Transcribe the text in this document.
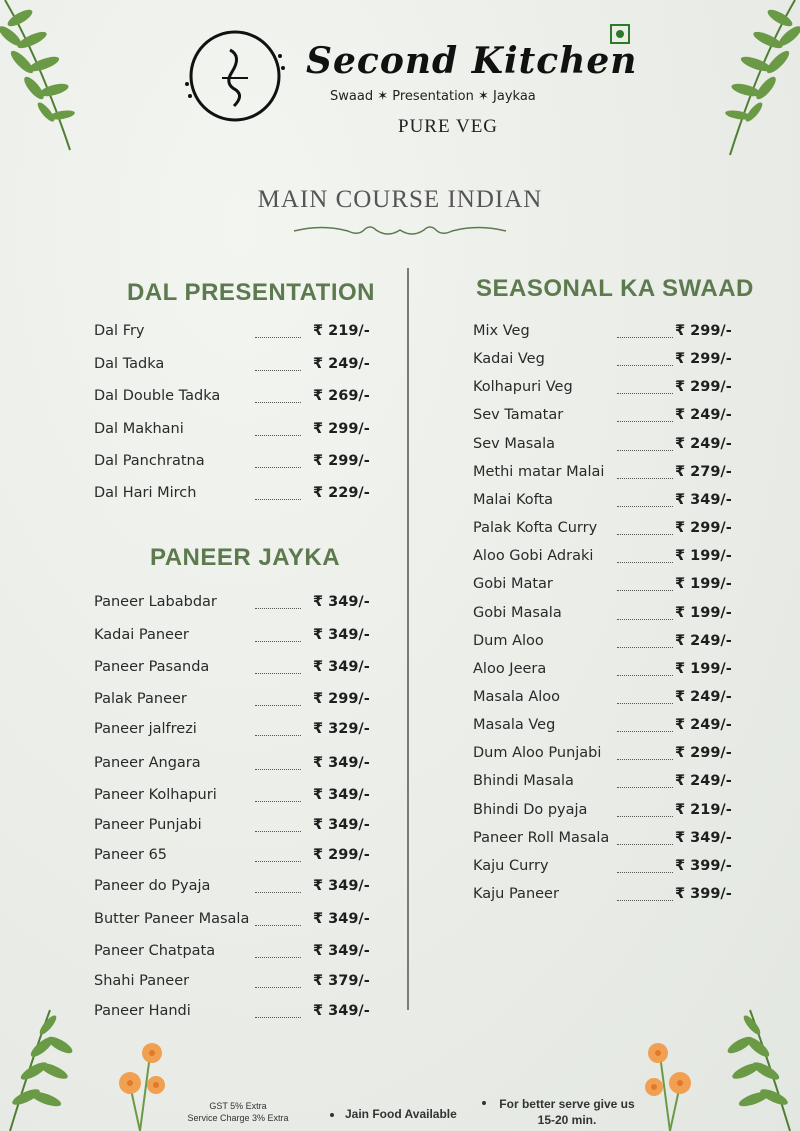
Second Kitchen
Swaad ✶ Presentation ✶ Jaykaa
PURE VEG
MAIN COURSE INDIAN
DAL PRESENTATION
Dal Fry	₹ 219/-
Dal Tadka	₹ 249/-
Dal Double Tadka	₹ 269/-
Dal Makhani	₹ 299/-
Dal Panchratna	₹ 299/-
Dal Hari Mirch	₹ 229/-
PANEER JAYKA
Paneer Lababdar	₹ 349/-
Kadai Paneer	₹ 349/-
Paneer Pasanda	₹ 349/-
Palak Paneer	₹ 299/-
Paneer jalfrezi	₹ 329/-
Paneer Angara	₹ 349/-
Paneer Kolhapuri	₹ 349/-
Paneer Punjabi	₹ 349/-
Paneer 65	₹ 299/-
Paneer do Pyaja	₹ 349/-
Butter Paneer Masala	₹ 349/-
Paneer Chatpata	₹ 349/-
Shahi Paneer	₹ 379/-
Paneer Handi	₹ 349/-
SEASONAL KA SWAAD
Mix Veg	₹ 299/-
Kadai Veg	₹ 299/-
Kolhapuri Veg	₹ 299/-
Sev Tamatar	₹ 249/-
Sev Masala	₹ 249/-
Methi matar Malai	₹ 279/-
Malai Kofta	₹ 349/-
Palak Kofta Curry	₹ 299/-
Aloo Gobi Adraki	₹ 199/-
Gobi Matar	₹ 199/-
Gobi Masala	₹ 199/-
Dum Aloo	₹ 249/-
Aloo Jeera	₹ 199/-
Masala Aloo	₹ 249/-
Masala Veg	₹ 249/-
Dum Aloo Punjabi	₹ 299/-
Bhindi Masala	₹ 249/-
Bhindi Do pyaja	₹ 219/-
Paneer Roll Masala	₹ 349/-
Kaju Curry	₹ 399/-
Kaju Paneer	₹ 399/-
GST 5% Extra
Service Charge 3% Extra	Jain Food Available
For better serve give us
15-20 min.
